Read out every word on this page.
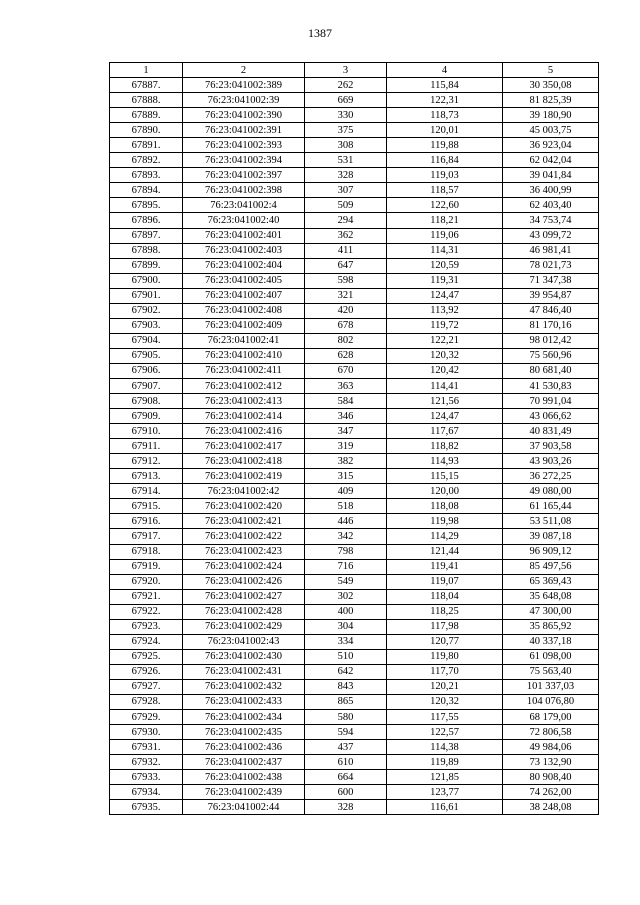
1387
1	2	3	4	5
67887.	76:23:041002:389	262	115,84	30 350,08
67888.	76:23:041002:39	669	122,31	81 825,39
67889.	76:23:041002:390	330	118,73	39 180,90
67890.	76:23:041002:391	375	120,01	45 003,75
67891.	76:23:041002:393	308	119,88	36 923,04
67892.	76:23:041002:394	531	116,84	62 042,04
67893.	76:23:041002:397	328	119,03	39 041,84
67894.	76:23:041002:398	307	118,57	36 400,99
67895.	76:23:041002:4	509	122,60	62 403,40
67896.	76:23:041002:40	294	118,21	34 753,74
67897.	76:23:041002:401	362	119,06	43 099,72
67898.	76:23:041002:403	411	114,31	46 981,41
67899.	76:23:041002:404	647	120,59	78 021,73
67900.	76:23:041002:405	598	119,31	71 347,38
67901.	76:23:041002:407	321	124,47	39 954,87
67902.	76:23:041002:408	420	113,92	47 846,40
67903.	76:23:041002:409	678	119,72	81 170,16
67904.	76:23:041002:41	802	122,21	98 012,42
67905.	76:23:041002:410	628	120,32	75 560,96
67906.	76:23:041002:411	670	120,42	80 681,40
67907.	76:23:041002:412	363	114,41	41 530,83
67908.	76:23:041002:413	584	121,56	70 991,04
67909.	76:23:041002:414	346	124,47	43 066,62
67910.	76:23:041002:416	347	117,67	40 831,49
67911.	76:23:041002:417	319	118,82	37 903,58
67912.	76:23:041002:418	382	114,93	43 903,26
67913.	76:23:041002:419	315	115,15	36 272,25
67914.	76:23:041002:42	409	120,00	49 080,00
67915.	76:23:041002:420	518	118,08	61 165,44
67916.	76:23:041002:421	446	119,98	53 511,08
67917.	76:23:041002:422	342	114,29	39 087,18
67918.	76:23:041002:423	798	121,44	96 909,12
67919.	76:23:041002:424	716	119,41	85 497,56
67920.	76:23:041002:426	549	119,07	65 369,43
67921.	76:23:041002:427	302	118,04	35 648,08
67922.	76:23:041002:428	400	118,25	47 300,00
67923.	76:23:041002:429	304	117,98	35 865,92
67924.	76:23:041002:43	334	120,77	40 337,18
67925.	76:23:041002:430	510	119,80	61 098,00
67926.	76:23:041002:431	642	117,70	75 563,40
67927.	76:23:041002:432	843	120,21	101 337,03
67928.	76:23:041002:433	865	120,32	104 076,80
67929.	76:23:041002:434	580	117,55	68 179,00
67930.	76:23:041002:435	594	122,57	72 806,58
67931.	76:23:041002:436	437	114,38	49 984,06
67932.	76:23:041002:437	610	119,89	73 132,90
67933.	76:23:041002:438	664	121,85	80 908,40
67934.	76:23:041002:439	600	123,77	74 262,00
67935.	76:23:041002:44	328	116,61	38 248,08
